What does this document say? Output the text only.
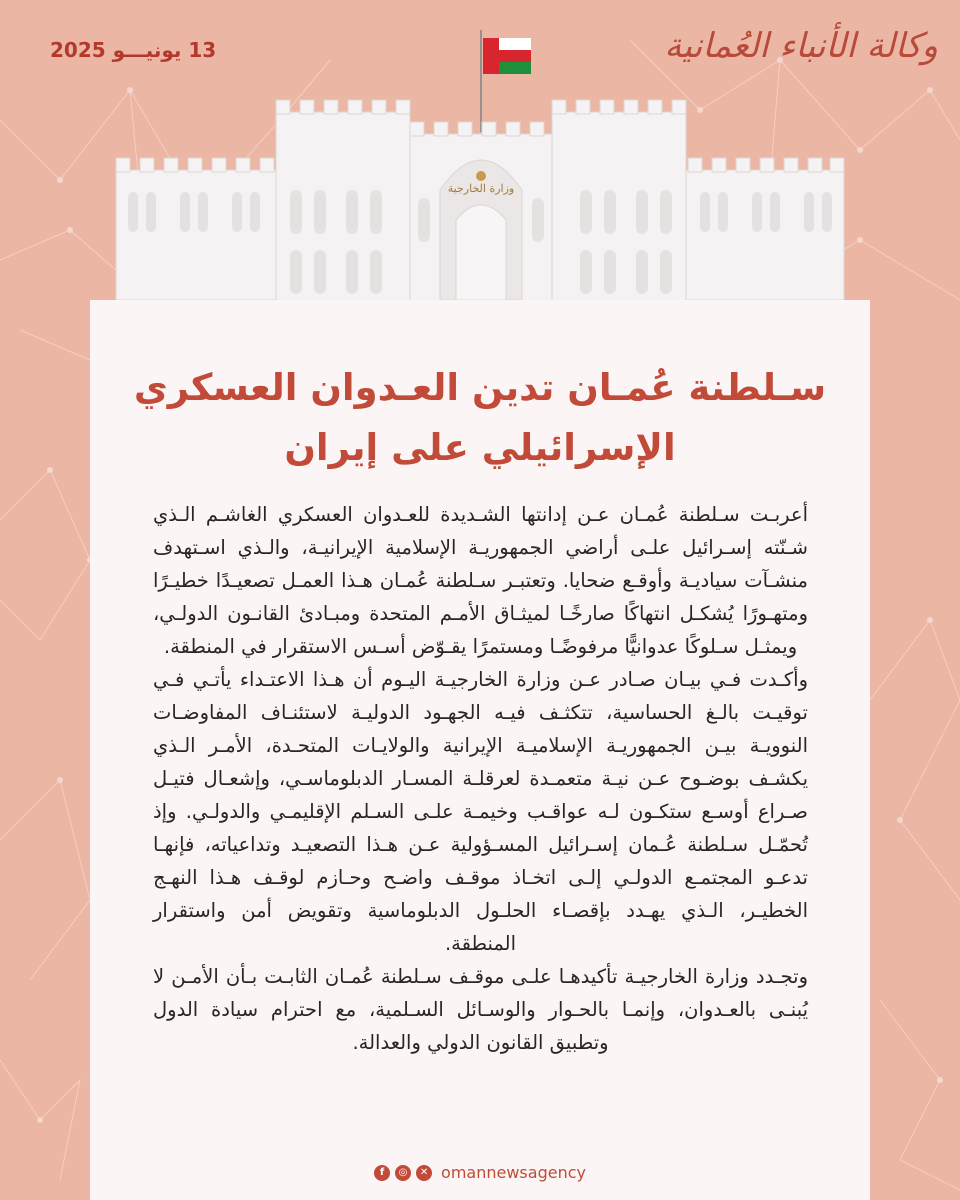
وكالة الأنباء العُمانية
13 يونيـــو 2025
وزارة الخارجية
سـلطنة عُمـان تدين العـدوان العسكري
الإسرائيلي على إيران

أعربـت سـلطنة عُمـان عـن إدانتها الشـديدة للعـدوان العسكري الغاشـم الـذي شـنّته إسـرائيل علـى أراضي الجمهوريـة الإسلامية الإيرانيـة، والـذي اسـتهدف منشـآت سياديـة وأوقـع ضحايا. وتعتبـر سـلطنة عُمـان هـذا العمـل تصعيـدًا خطيـرًا ومتهـورًا يُشكـل انتهاكًا صارخًـا لميثـاق الأمـم المتحدة ومبـادئ القانـون الدولـي، ويمثـل سـلوكًا عدوانيًّا مرفوضًـا ومستمرًا يقـوّض أسـس الاستقرار في المنطقة.

وأكـدت فـي بيـان صـادر عـن وزارة الخارجيـة اليـوم أن هـذا الاعتـداء يأتـي فـي توقيـت بالـغ الحساسية، تتكثـف فيـه الجهـود الدوليـة لاستئنـاف المفاوضـات النوويـة بيـن الجمهوريـة الإسلاميـة الإيرانية والولايـات المتحـدة، الأمـر الـذي يكشـف بوضـوح عـن نيـة متعمـدة لعرقلـة المسـار الدبلوماسـي، وإشعـال فتيـل صـراع أوسـع ستكـون لـه عواقـب وخيمـة علـى السـلم الإقليمـي والدولـي. وإذ تُحمّـل سـلطنة عُـمان إسـرائيل المسـؤولية عـن هـذا التصعيـد وتداعياته، فإنهـا تدعـو المجتمـع الدولـي إلـى اتخـاذ موقـف واضـح وحـازم لوقـف هـذا النهـج الخطيـر، الـذي يهـدد بإقصـاء الحلـول الدبلوماسية وتقويض أمن واستقرار المنطقة.

وتجـدد وزارة الخارجيـة تأكيدهـا علـى موقـف سـلطنة عُمـان الثابـت بـأن الأمـن لا يُبنـى بالعـدوان، وإنمـا بالحـوار والوسـائل السـلمية، مع احترام سيادة الدول وتطبيق القانون الدولي والعدالة.

f	◎	✕ omannewsagency
